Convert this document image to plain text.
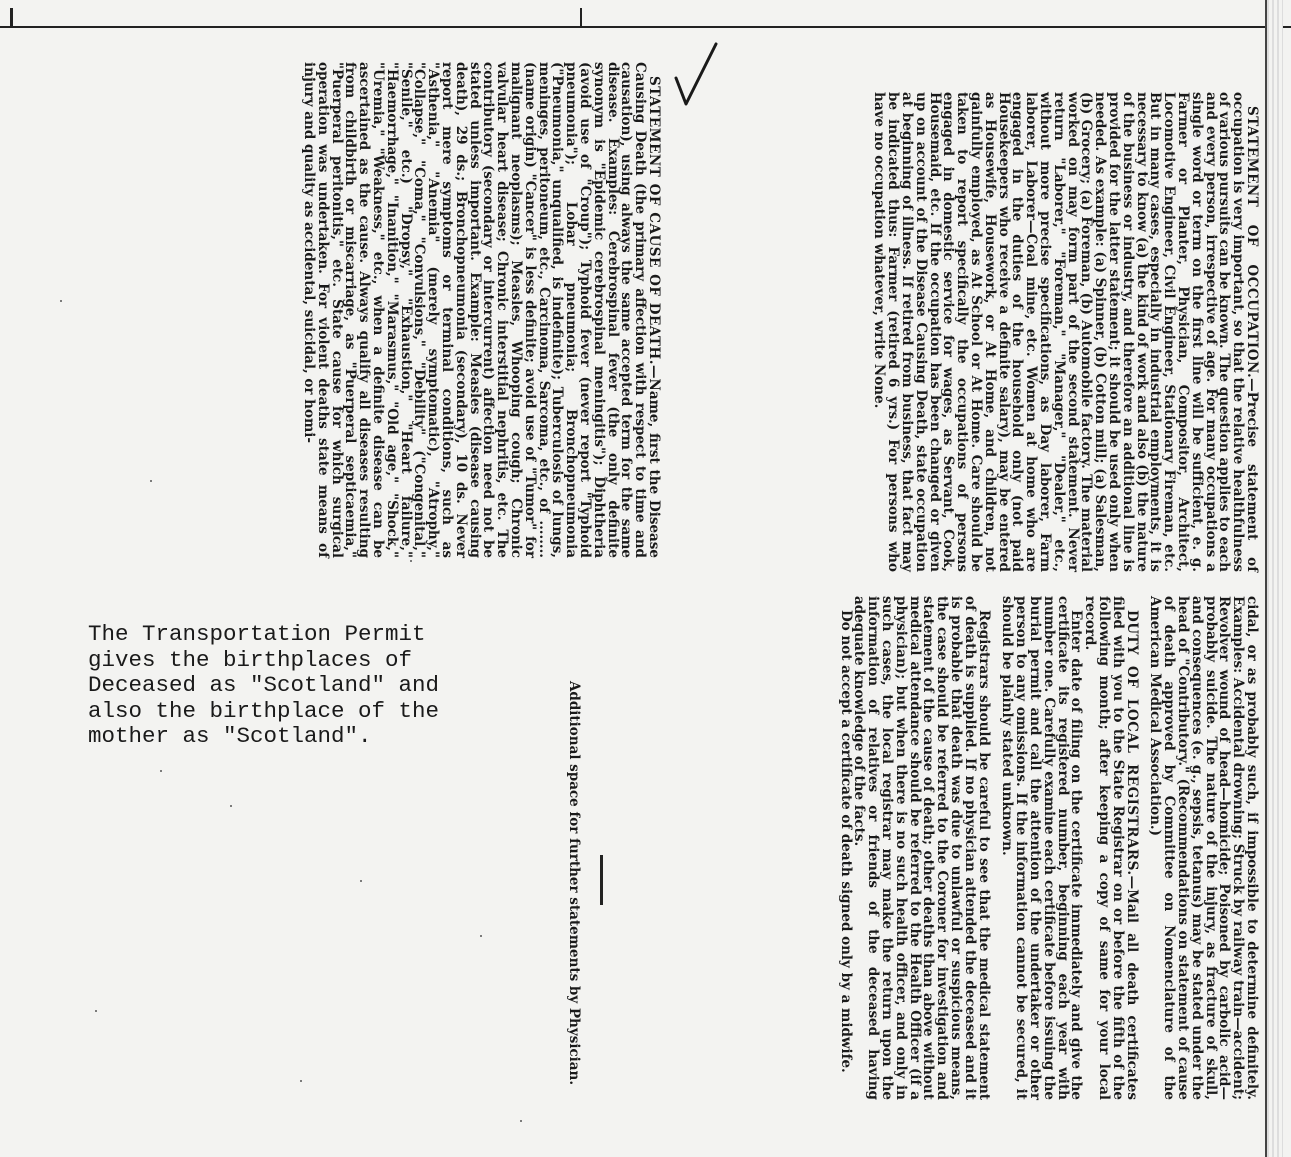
STATEMENT OF OCCUPATION.—Precise statement of occupation is very important, so that the relative healthfulness of various pursuits can be known. The question applies to each and every person, irrespective of age. For many occupations a single word or term on the first line will be sufficient, e. g. Farmer or Planter, Physician, Compositor, Architect, Locomotive Engineer, Civil Engineer, Stationary Fireman, etc. But in many cases, especially in industrial employments, it is necessary to know (a) the kind of work and also (b) the nature of the business or industry, and therefore an additional line is provided for the latter statement; it should be used only when needed. As example: (a) Spinner, (b) Cotton mill; (a) Salesman, (b) Grocery; (a) Foreman, (b) Automobile factory. The material worked on may form part of the second statement. Never return "Laborer," "Foreman," "Manager," "Dealer," etc., without more precise specifications, as Day laborer, Farm laborer, Laborer—Coal mine, etc. Women at home who are engaged in the duties of the household only (not paid Housekeepers who receive a definite salary), may be entered as Housewife, Housework, or At Home, and children, not gainfully employed, as At School or At Home. Care should be taken to report specifically the occupations of persons engaged in domestic service for wages, as Servant, Cook, Housemaid, etc. If the occupation has been changed or given up on account of the Disease Causing Death, state occupation at beginning of illness. If retired from business, that fact may be indicated thus: Farmer (retired 6 yrs.) For persons who have no occupation whatever, write None.

STATEMENT OF CAUSE OF DEATH.—Name, first the Disease Causing Death (the primary affection with respect to time and causation), using always the same accepted term for the same disease. Examples: Cerebrospinal fever (the only definite synonym is "Epidemic cerebrospinal meningitis"); Diphtheria (avoid use of "Croup"); Typhoid fever (never report "Typhoid pneumonia"); Lobar pneumonia; Bronchopneumonia ("Pneumonia," unqualified, is indefinite); Tuberculosis of lungs, meninges, peritoneum, etc., Carcinoma, Sarcoma, etc., of ........ (name origin) "Cancer" is less definite; avoid use of "Tumor" for malignant neoplasms); Measles, Whooping cough; Chronic valvular heart disease; Chronic interstitial nephritis, etc. The contributory (secondary or intercurrent) affection need not be stated unless important. Example: Measles (disease causing death), 29 ds.; Bronchopneumonia (secondary), 10 ds. Never report mere symptoms or terminal conditions, such as "Asthenia," "Anemia" (merely symptomatic), "Atrophy," "Collapse," "Coma," "Convulsions," "Debility" ("Congenital," "Senile," etc.) "Dropsy," "Exhaustion," "Heart failure," "Haemorrhage," "Inanition," "Marasmus," "Old age," "Shock," "Uremia," "Weakness," etc., when a definite disease can be ascertained as the cause. Always qualify all diseases resulting from childbirth or miscarriage, as "Puerperal septicaemia," "Puerperal peritonitis," etc. State cause for which surgical operation was undertaken. For violent deaths state means of injury and quality as accidental, suicidal, or homi-

cidal, or as probably such, if impossible to determine definitely. Examples: Accidental drowning; Struck by railway train—accident; Revolver wound of head—homicide; Poisoned by carbolic acid—probably suicide. The nature of the injury, as fracture of skull, and consequences (e. g., sepsis, tetanus) may be stated under the head of "Contributory." (Recommendations on statement of cause of death approved by Committee on Nomenclature of the American Medical Association.)

DUTY OF LOCAL REGISTRARS.—Mail all death certificates filed with you to the State Registrar on or before the fifth of the following month; after keeping a copy of same for your local record.

Enter date of filing on the certificate immediately and give the certificate its registered number, beginning each year with number one. Carefully examine each certificate before issuing the burial permit and call the attention of the undertaker or other person to any omissions. If the information cannot be secured, it should be plainly stated unknown.

Registrars should be careful to see that the medical statement of death is supplied. If no physician attended the deceased and it is probable that death was due to unlawful or suspicious means, the case should be referred to the Coroner for investigation and statement of the cause of death; other deaths than above without medical attendance should be referred to the Health Officer (if a physician); but when there is no such health officer, and only in such cases, the local registrar may make the return upon the information of relatives or friends of the deceased having adequate knowledge of the facts.

Do not accept a certificate of death signed only by a midwife.

Additional space for further statements by Physician.

The Transportation Permit
gives the birthplaces of
Deceased as "Scotland" and
also the birthplace of the
mother as "Scotland".
